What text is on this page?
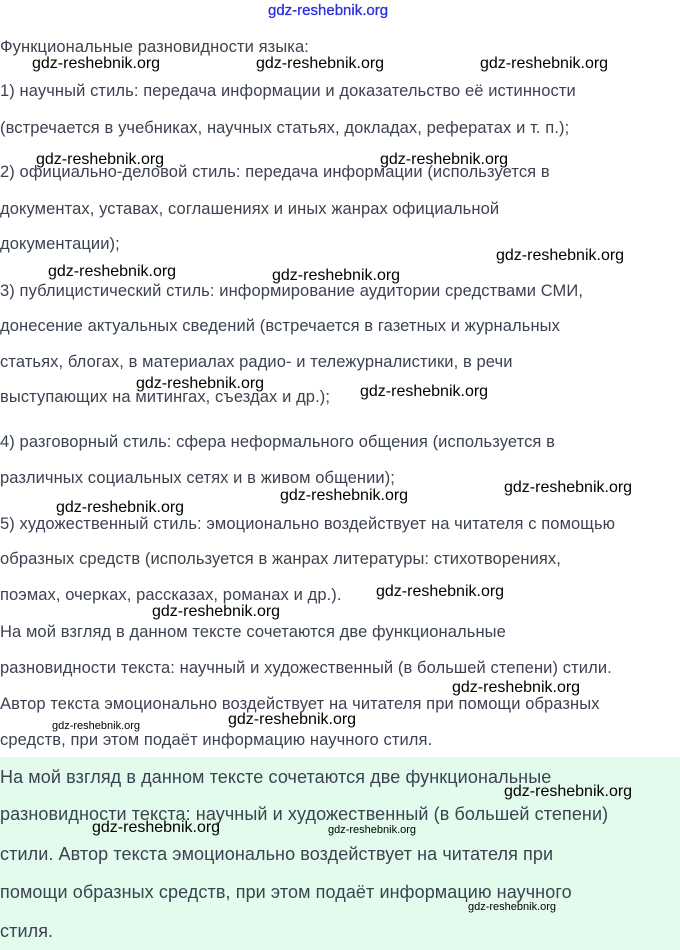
gdz-reshebnik.org
Функциональные разновидности языка:
1) научный стиль: передача информации и доказательство её истинности
(встречается в учебниках, научных статьях, докладах, рефератах и т. п.);
2) официально-деловой стиль: передача информации (используется в
документах, уставах, соглашениях и иных жанрах официальной
документации);
3) публицистический стиль: информирование аудитории средствами СМИ,
донесение актуальных сведений (встречается в газетных и журнальных
статьях, блогах, в материалах радио- и тележурналистики, в речи
выступающих на митингах, съездах и др.);
4) разговорный стиль: сфера неформального общения (используется в
различных социальных сетях и в живом общении);
5) художественный стиль: эмоционально воздействует на читателя с помощью
образных средств (используется в жанрах литературы: стихотворениях,
поэмах, очерках, рассказах, романах и др.).
На мой взгляд в данном тексте сочетаются две функциональные
разновидности текста: научный и художественный (в большей степени) стили.
Автор текста эмоционально воздействует на читателя при помощи образных
средств, при этом подаёт информацию научного стиля.
На мой взгляд в данном тексте сочетаются две функциональные
разновидности текста: научный и художественный (в большей степени)
стили. Автор текста эмоционально воздействует на читателя при
помощи образных средств, при этом подаёт информацию научного
стиля.
gdz-reshebnik.org	gdz-reshebnik.org	gdz-reshebnik.org
gdz-reshebnik.org	gdz-reshebnik.org
gdz-reshebnik.org
gdz-reshebnik.org	gdz-reshebnik.org
gdz-reshebnik.org	gdz-reshebnik.org
gdz-reshebnik.org
gdz-reshebnik.org
gdz-reshebnik.org
gdz-reshebnik.org
gdz-reshebnik.org
gdz-reshebnik.org
gdz-reshebnik.org	gdz-reshebnik.org
gdz-reshebnik.org
gdz-reshebnik.org	gdz-reshebnik.org
gdz-reshebnik.org
